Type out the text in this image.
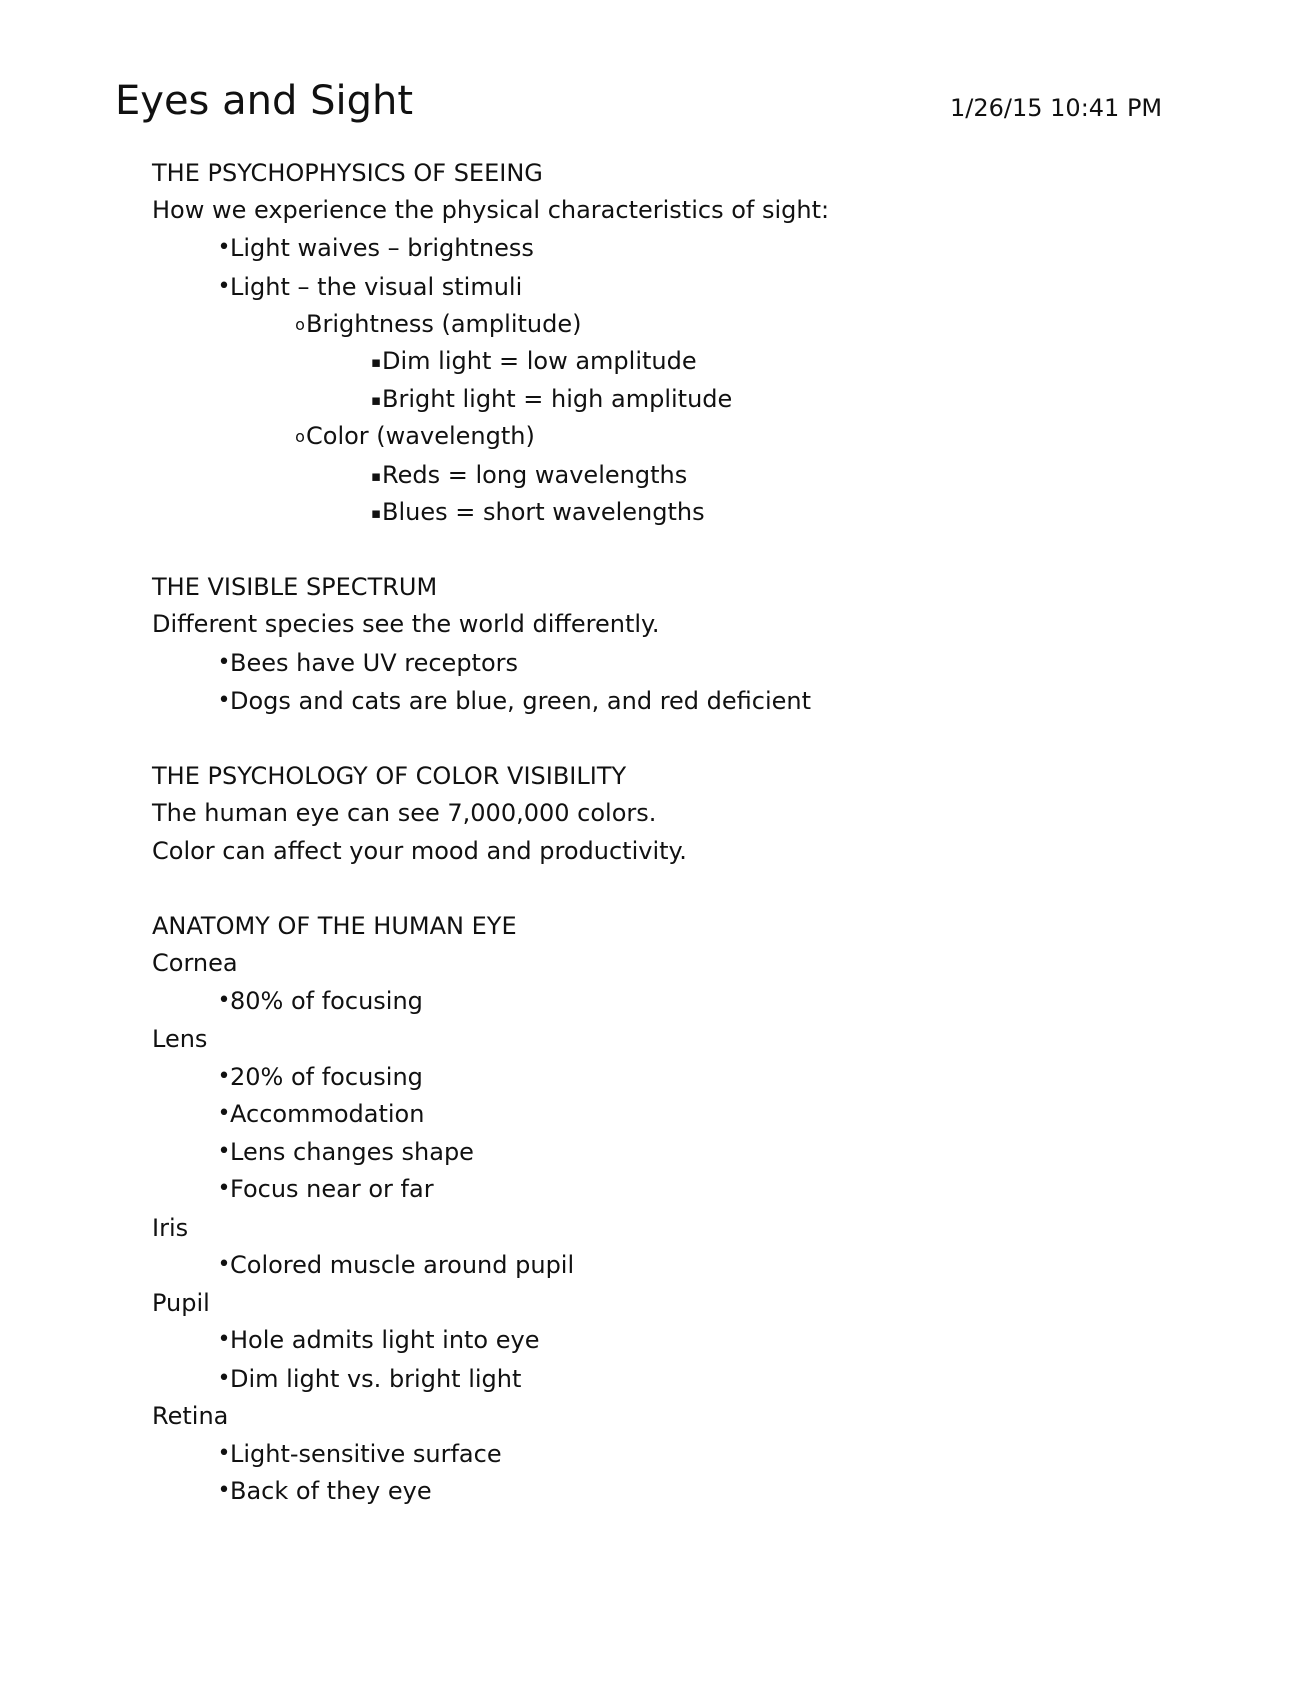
Eyes and Sight	1/26/15 10:41 PM
THE PSYCHOPHYSICS OF SEEING
How we experience the physical characteristics of sight:
• Light waives – brightness
• Light – the visual stimuli
o Brightness (amplitude)
▪ Dim light = low amplitude
▪ Bright light = high amplitude
o Color (wavelength)
▪ Reds = long wavelengths
▪ Blues = short wavelengths
THE VISIBLE SPECTRUM
Different species see the world differently.
• Bees have UV receptors
• Dogs and cats are blue, green, and red deficient
THE PSYCHOLOGY OF COLOR VISIBILITY
The human eye can see 7,000,000 colors.
Color can affect your mood and productivity.
ANATOMY OF THE HUMAN EYE
Cornea
• 80% of focusing
Lens
• 20% of focusing
• Accommodation
• Lens changes shape
• Focus near or far
Iris
• Colored muscle around pupil
Pupil
• Hole admits light into eye
• Dim light vs. bright light
Retina
• Light-sensitive surface
• Back of they eye
